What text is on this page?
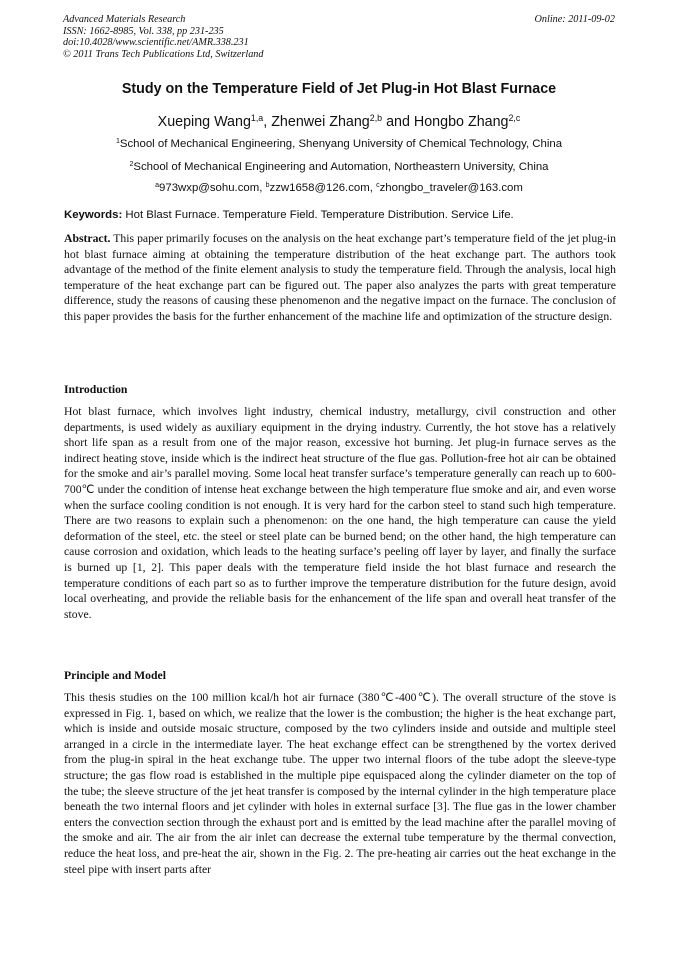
Advanced Materials Research
ISSN: 1662-8985, Vol. 338, pp 231-235
doi:10.4028/www.scientific.net/AMR.338.231
© 2011 Trans Tech Publications Ltd, Switzerland
Online: 2011-09-02
Study on the Temperature Field of Jet Plug-in Hot Blast Furnace
Xueping Wang$^{1,a}$, Zhenwei Zhang$^{2,b}$ and Hongbo Zhang$^{2,c}$
$^1$School of Mechanical Engineering, Shenyang University of Chemical Technology, China
$^2$School of Mechanical Engineering and Automation, Northeastern University, China
$^a$973wxp@sohu.com, $^b$zzw1658@126.com, $^c$zhongbo_traveler@163.com
Keywords: Hot Blast Furnace. Temperature Field. Temperature Distribution. Service Life.
Abstract. This paper primarily focuses on the analysis on the heat exchange part’s temperature field of the jet plug-in hot blast furnace aiming at obtaining the temperature distribution of the heat exchange part. The authors took advantage of the method of the finite element analysis to study the temperature field. Through the analysis, local high temperature of the heat exchange part can be figured out. The paper also analyzes the parts with great temperature difference, study the reasons of causing these phenomenon and the negative impact on the furnace. The conclusion of this paper provides the basis for the further enhancement of the machine life and optimization of the structure design.
Introduction
Hot blast furnace, which involves light industry, chemical industry, metallurgy, civil construction and other departments, is used widely as auxiliary equipment in the drying industry. Currently, the hot stove has a relatively short life span as a result from one of the major reason, excessive hot burning. Jet plug-in furnace serves as the indirect heating stove, inside which is the indirect heat structure of the flue gas. Pollution-free hot air can be obtained for the smoke and air’s parallel moving. Some local heat transfer surface’s temperature generally can reach up to 600-700℃ under the condition of intense heat exchange between the high temperature flue smoke and air, and even worse when the surface cooling condition is not enough. It is very hard for the carbon steel to stand such high temperature. There are two reasons to explain such a phenomenon: on the one hand, the high temperature can cause the yield deformation of the steel, etc. the steel or steel plate can be burned bend; on the other hand, the high temperature can cause corrosion and oxidation, which leads to the heating surface’s peeling off layer by layer, and finally the surface is burned up [1, 2]. This paper deals with the temperature field inside the hot blast furnace and research the temperature conditions of each part so as to further improve the temperature distribution for the future design, avoid local overheating, and provide the reliable basis for the enhancement of the life span and overall heat transfer of the stove.
Principle and Model
This thesis studies on the 100 million kcal/h hot air furnace (380℃-400℃). The overall structure of the stove is expressed in Fig. 1, based on which, we realize that the lower is the combustion; the higher is the heat exchange part, which is inside and outside mosaic structure, composed by the two cylinders inside and outside and multiple steel arranged in a circle in the intermediate layer. The heat exchange effect can be strengthened by the vortex derived from the plug-in spiral in the heat exchange tube. The upper two internal floors of the tube adopt the sleeve-type structure; the gas flow road is established in the multiple pipe equispaced along the cylinder diameter on the top of the tube; the sleeve structure of the jet heat transfer is composed by the internal cylinder in the high temperature place beneath the two internal floors and jet cylinder with holes in external surface [3]. The flue gas in the lower chamber enters the convection section through the exhaust port and is emitted by the lead machine after the parallel moving of the smoke and air. The air from the air inlet can decrease the external tube temperature by the thermal convection, reduce the heat loss, and pre-heat the air, shown in the Fig. 2. The pre-heating air carries out the heat exchange in the steel pipe with insert parts after
